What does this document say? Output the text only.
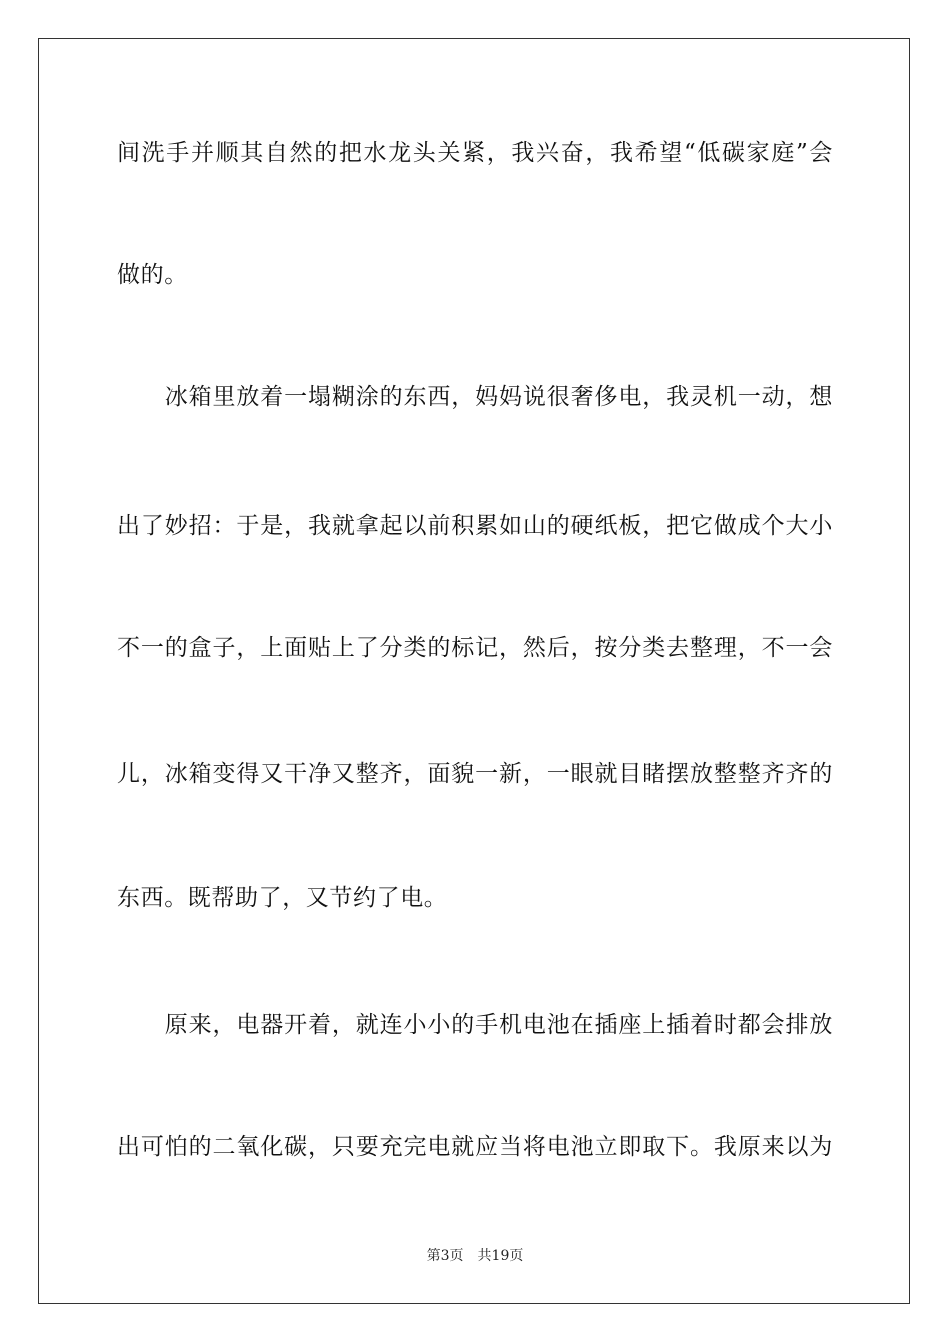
间洗手并顺其自然的把水龙头关紧，我兴奋，我希望“低碳家庭”会
做的。
　　冰箱里放着一塌糊涂的东西，妈妈说很奢侈电，我灵机一动，想
出了妙招：于是，我就拿起以前积累如山的硬纸板，把它做成个大小
不一的盒子，上面贴上了分类的标记，然后，按分类去整理，不一会
儿，冰箱变得又干净又整齐，面貌一新，一眼就目睹摆放整整齐齐的
东西。既帮助了，又节约了电。
　　原来，电器开着，就连小小的手机电池在插座上插着时都会排放
出可怕的二氧化碳，只要充完电就应当将电池立即取下。我原来以为
第3页 共19页
